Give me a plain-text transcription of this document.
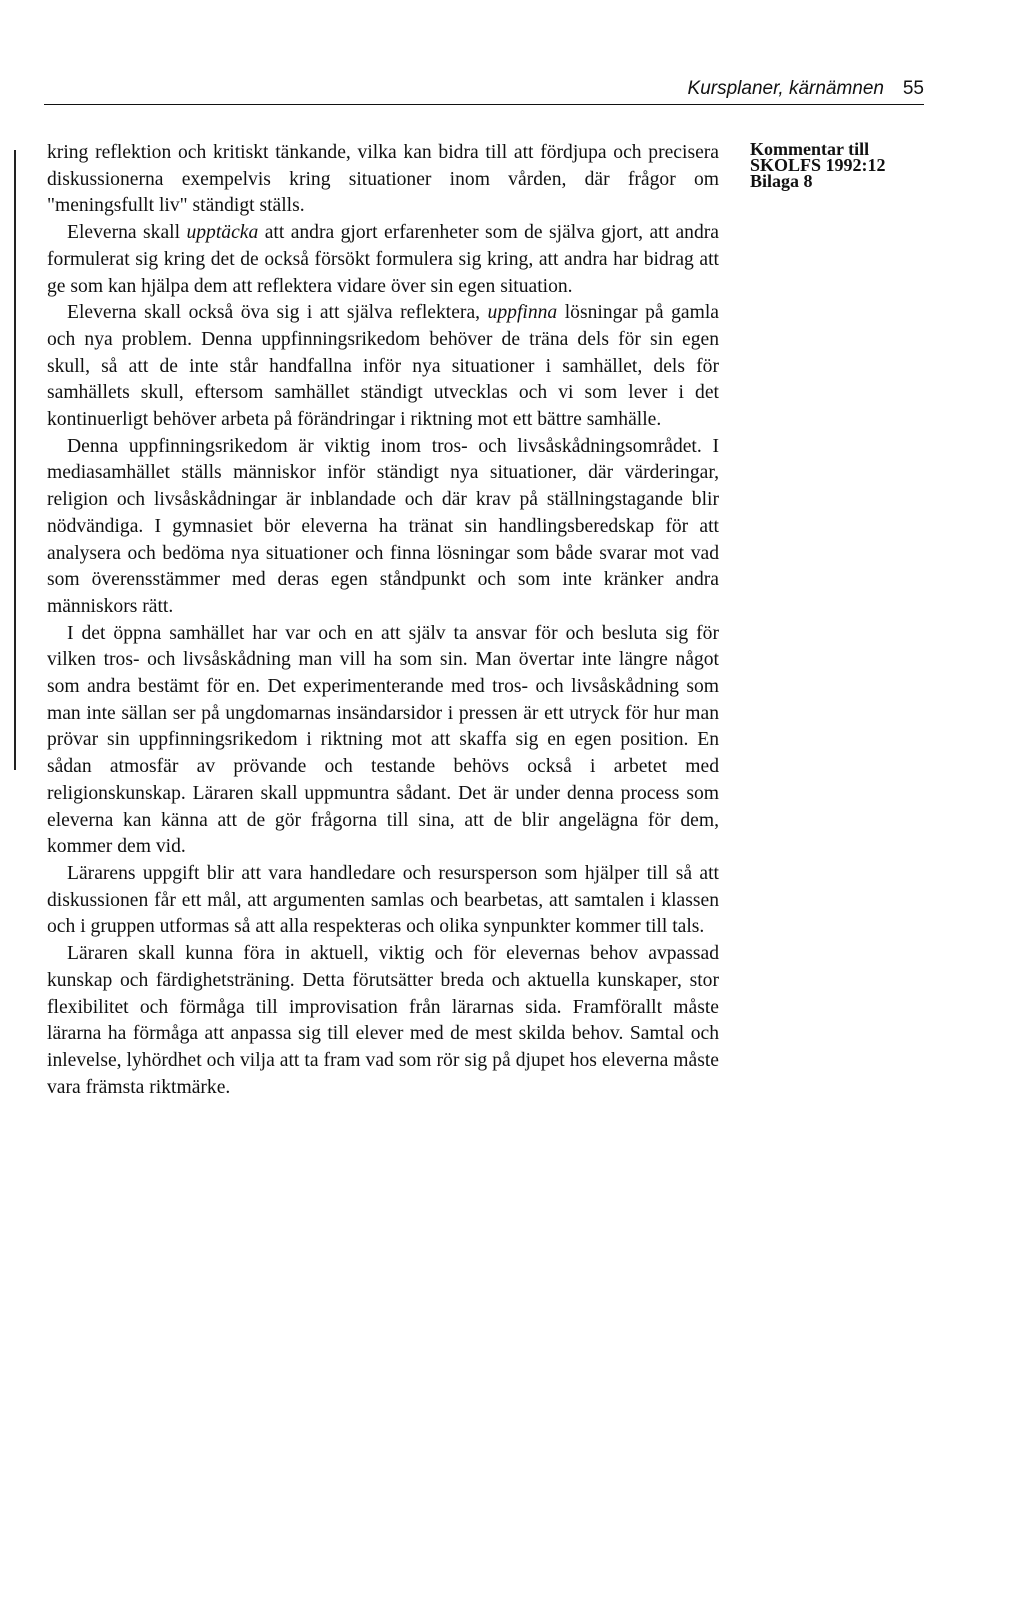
Kursplaner, kärnämnen 55
Kommentar till
SKOLFS 1992:12
Bilaga 8

kring reflektion och kritiskt tänkande, vilka kan bidra till att fördjupa och precisera diskussionerna exempelvis kring situationer inom vården, där frågor om "meningsfullt liv" ständigt ställs.

Eleverna skall upptäcka att andra gjort erfarenheter som de själva gjort, att andra formulerat sig kring det de också försökt formulera sig kring, att andra har bidrag att ge som kan hjälpa dem att reflektera vidare över sin egen situation.

Eleverna skall också öva sig i att själva reflektera, uppfinna lösningar på gamla och nya problem. Denna uppfinningsrikedom behöver de träna dels för sin egen skull, så att de inte står handfallna inför nya situationer i samhället, dels för samhällets skull, eftersom samhället ständigt utvecklas och vi som lever i det kontinuerligt behöver arbeta på förändringar i riktning mot ett bättre samhälle.

Denna uppfinningsrikedom är viktig inom tros- och livsåskådningsområdet. I mediasamhället ställs människor inför ständigt nya situationer, där värderingar, religion och livsåskådningar är inblandade och där krav på ställningstagande blir nödvändiga. I gymnasiet bör eleverna ha tränat sin handlingsberedskap för att analysera och bedöma nya situationer och finna lösningar som både svarar mot vad som överensstämmer med deras egen ståndpunkt och som inte kränker andra människors rätt.

I det öppna samhället har var och en att själv ta ansvar för och besluta sig för vilken tros- och livsåskådning man vill ha som sin. Man övertar inte längre något som andra bestämt för en. Det experimenterande med tros- och livsåskådning som man inte sällan ser på ungdomarnas insändarsidor i pressen är ett utryck för hur man prövar sin uppfinningsrikedom i riktning mot att skaffa sig en egen position. En sådan atmosfär av prövande och testande behövs också i arbetet med religionskunskap. Läraren skall uppmuntra sådant. Det är under denna process som eleverna kan känna att de gör frågorna till sina, att de blir angelägna för dem, kommer dem vid.

Lärarens uppgift blir att vara handledare och resursperson som hjälper till så att diskussionen får ett mål, att argumenten samlas och bearbetas, att samtalen i klassen och i gruppen utformas så att alla respekteras och olika synpunkter kommer till tals.

Läraren skall kunna föra in aktuell, viktig och för elevernas behov avpassad kunskap och färdighetsträning. Detta förutsätter breda och aktuella kunskaper, stor flexibilitet och förmåga till improvisation från lärarnas sida. Framförallt måste lärarna ha förmåga att anpassa sig till elever med de mest skilda behov. Samtal och inlevelse, lyhördhet och vilja att ta fram vad som rör sig på djupet hos eleverna måste vara främsta riktmärke.
